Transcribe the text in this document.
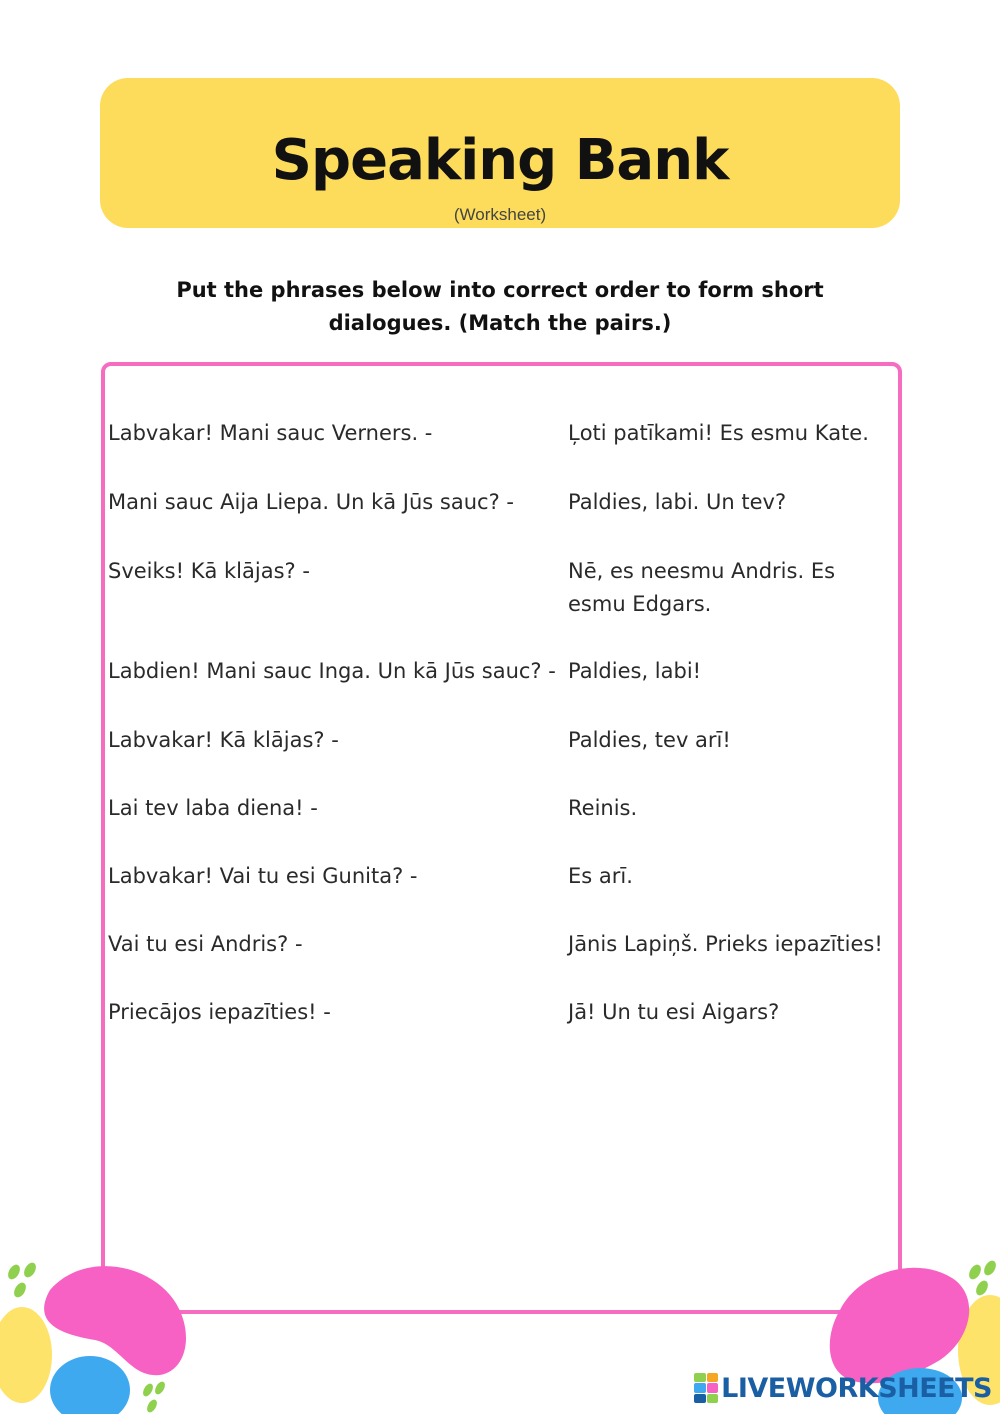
Speaking Bank
(Worksheet)
Put the phrases below into correct order to form short dialogues. (Match the pairs.)
Labvakar! Mani sauc Verners. -
Mani sauc Aija Liepa. Un kā Jūs sauc? -
Sveiks! Kā klājas? -
Labdien! Mani sauc Inga. Un kā Jūs sauc? -
Labvakar! Kā klājas? -
Lai tev laba diena! -
Labvakar! Vai tu esi Gunita? -
Vai tu esi Andris? -
Priecājos iepazīties! -
Ļoti patīkami! Es esmu Kate.
Paldies, labi. Un tev?
Nē, es neesmu Andris. Es esmu Edgars.
Paldies, labi!
Paldies, tev arī!
Reinis.
Es arī.
Jānis Lapiņš. Prieks iepazīties!
Jā! Un tu esi Aigars?
LIVEWORKSHEETS
